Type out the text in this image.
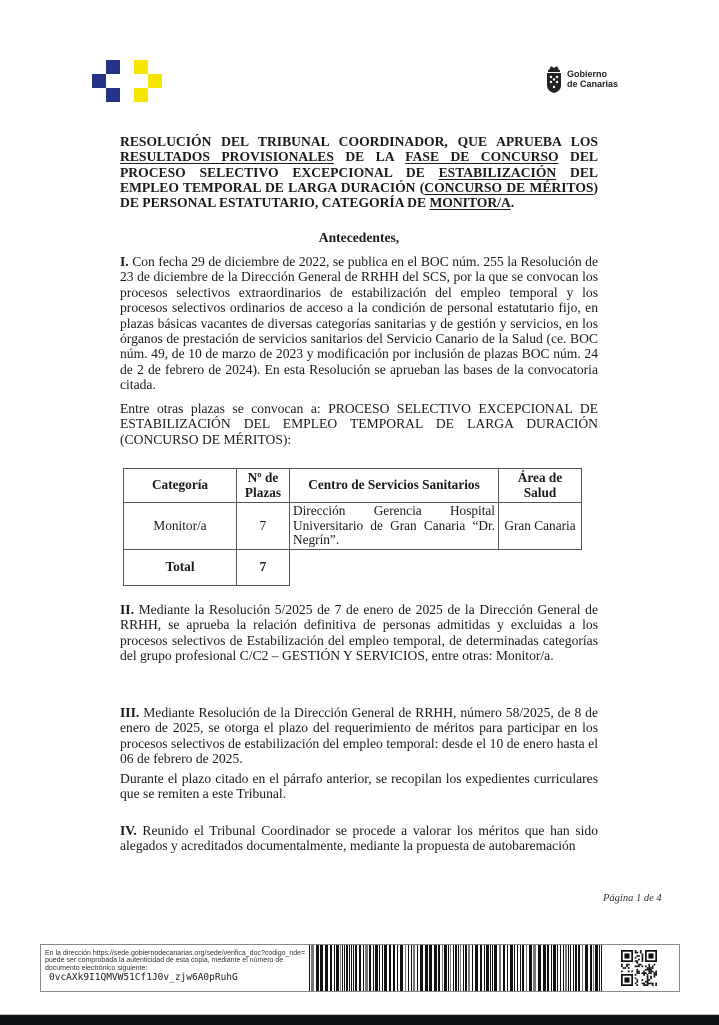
Gobierno
de Canarias
RESOLUCIÓN DEL TRIBUNAL COORDINADOR, QUE APRUEBA LOS RESULTADOS PROVISIONALES DE LA FASE DE CONCURSO DEL PROCESO SELECTIVO EXCEPCIONAL DE ESTABILIZACIÓN DEL EMPLEO TEMPORAL DE LARGA DURACIÓN (CONCURSO DE MÉRITOS) DE PERSONAL ESTATUTARIO, CATEGORÍA DE MONITOR/A.
Antecedentes,

I. Con fecha 29 de diciembre de 2022, se publica en el BOC núm. 255 la Resolución de 23 de diciembre de la Dirección General de RRHH del SCS, por la que se convocan los procesos selectivos extraordinarios de estabilización del empleo temporal y los procesos selectivos ordinarios de acceso a la condición de personal estatutario fijo, en plazas básicas vacantes de diversas categorías sanitarias y de gestión y servicios, en los órganos de prestación de servicios sanitarios del Servicio Canario de la Salud (ce. BOC núm. 49, de 10 de marzo de 2023 y modificación por inclusión de plazas BOC núm. 24 de 2 de febrero de 2024). En esta Resolución se aprueban las bases de la convocatoria citada.

Entre otras plazas se convocan a: PROCESO SELECTIVO EXCEPCIONAL DE ESTABILIZACIÓN DEL EMPLEO TEMPORAL DE LARGA DURACIÓN (CONCURSO DE MÉRITOS):

Categoría	Nº de Plazas	Centro de Servicios Sanitarios	Área de Salud
Monitor/a	7	Dirección Gerencia Hospital Universitario de Gran Canaria “Dr. Negrín”.	Gran Canaria
Total	7		

II. Mediante la Resolución 5/2025 de 7 de enero de 2025 de la Dirección General de RRHH, se aprueba la relación definitiva de personas admitidas y excluidas a los procesos selectivos de Estabilización del empleo temporal, de determinadas categorías del grupo profesional C/C2 – GESTIÓN Y SERVICIOS, entre otras: Monitor/a.

III. Mediante Resolución de la Dirección General de RRHH, número 58/2025, de 8 de enero de 2025, se otorga el plazo del requerimiento de méritos para participar en los procesos selectivos de estabilización del empleo temporal: desde el 10 de enero hasta el 06 de febrero de 2025.

Durante el plazo citado en el párrafo anterior, se recopilan los expedientes curriculares que se remiten a este Tribunal.

IV. Reunido el Tribunal Coordinador se procede a valorar los méritos que han sido alegados y acreditados documentalmente, mediante la propuesta de autobaremación

Página 1 de 4
En la dirección https://sede.gobiernodecanarias.org/sede/verifica_doc?codigo_nde=
puede ser comprobada la autenticidad de esta copia, mediante el número de
documento electrónico siguiente:
0vcAXk9I1QMVW51Cf1J0v_zjw6A0pRuhG
